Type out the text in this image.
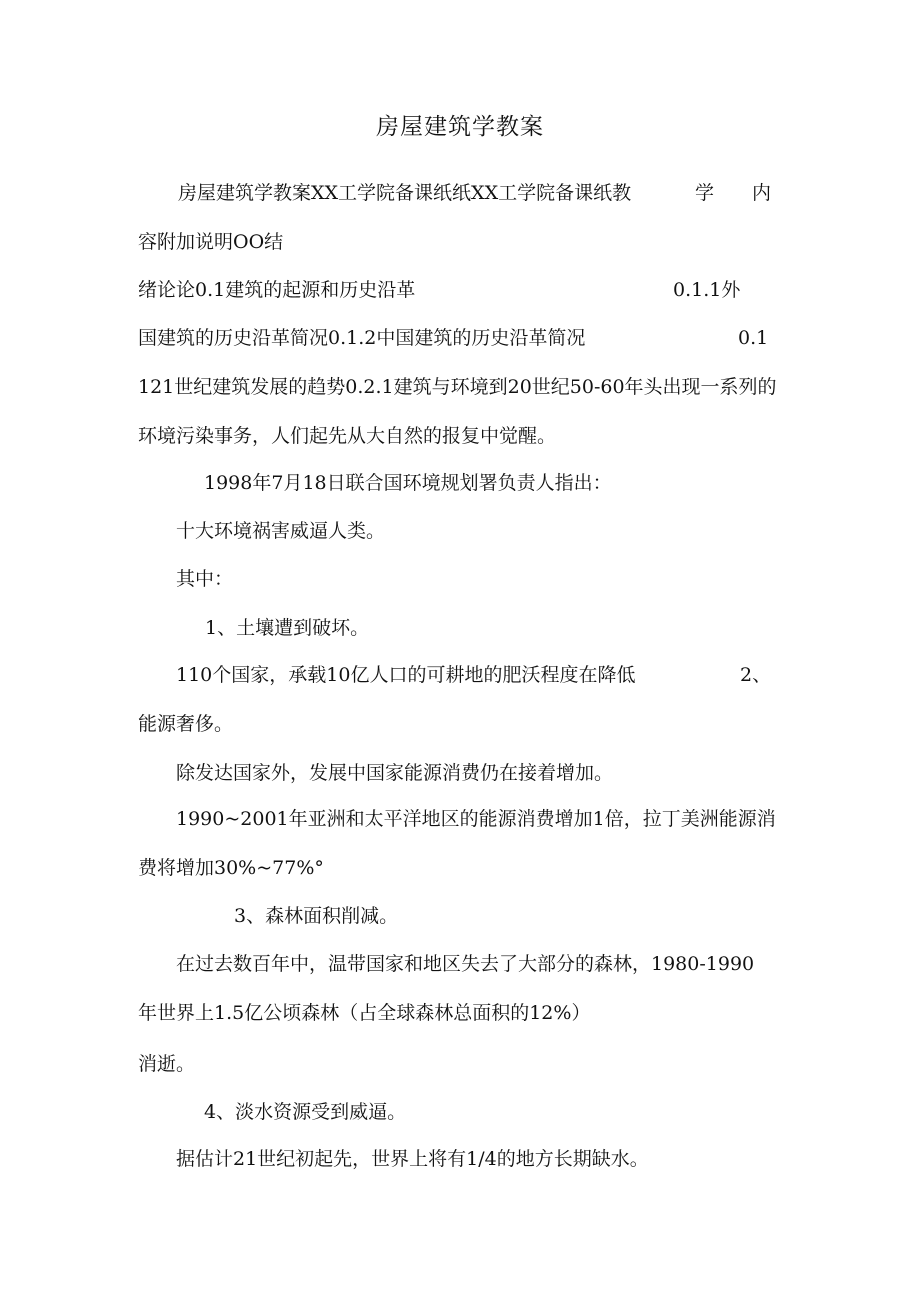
房屋建筑学教案
房屋建筑学教案XX工学院备课纸纸XX工学院备课纸教	学 内
容附加说明OO结
绪论论0.1建筑的起源和历史沿革	0.1.1外
国建筑的历史沿革简况0.1.2中国建筑的历史沿革简况	0.1
121世纪建筑发展的趋势0.2.1建筑与环境到20世纪50-60年头出现一系列的
环境污染事务，人们起先从大自然的报复中觉醒。
1998年7月18日联合国环境规划署负责人指出：
十大环境祸害威逼人类。
其中：
1、土壤遭到破坏。
110个国家，承载10亿人口的可耕地的肥沃程度在降低	2、
能源奢侈。
除发达国家外，发展中国家能源消费仍在接着增加。
1990~2001年亚洲和太平洋地区的能源消费增加1倍，拉丁美洲能源消
费将增加30%~77%°
3、森林面积削减。
在过去数百年中，温带国家和地区失去了大部分的森林，1980-1990
年世界上1.5亿公顷森林（占全球森林总面积的12%）
消逝。
4、淡水资源受到威逼。
据估计21世纪初起先，世界上将有1/4的地方长期缺水。
